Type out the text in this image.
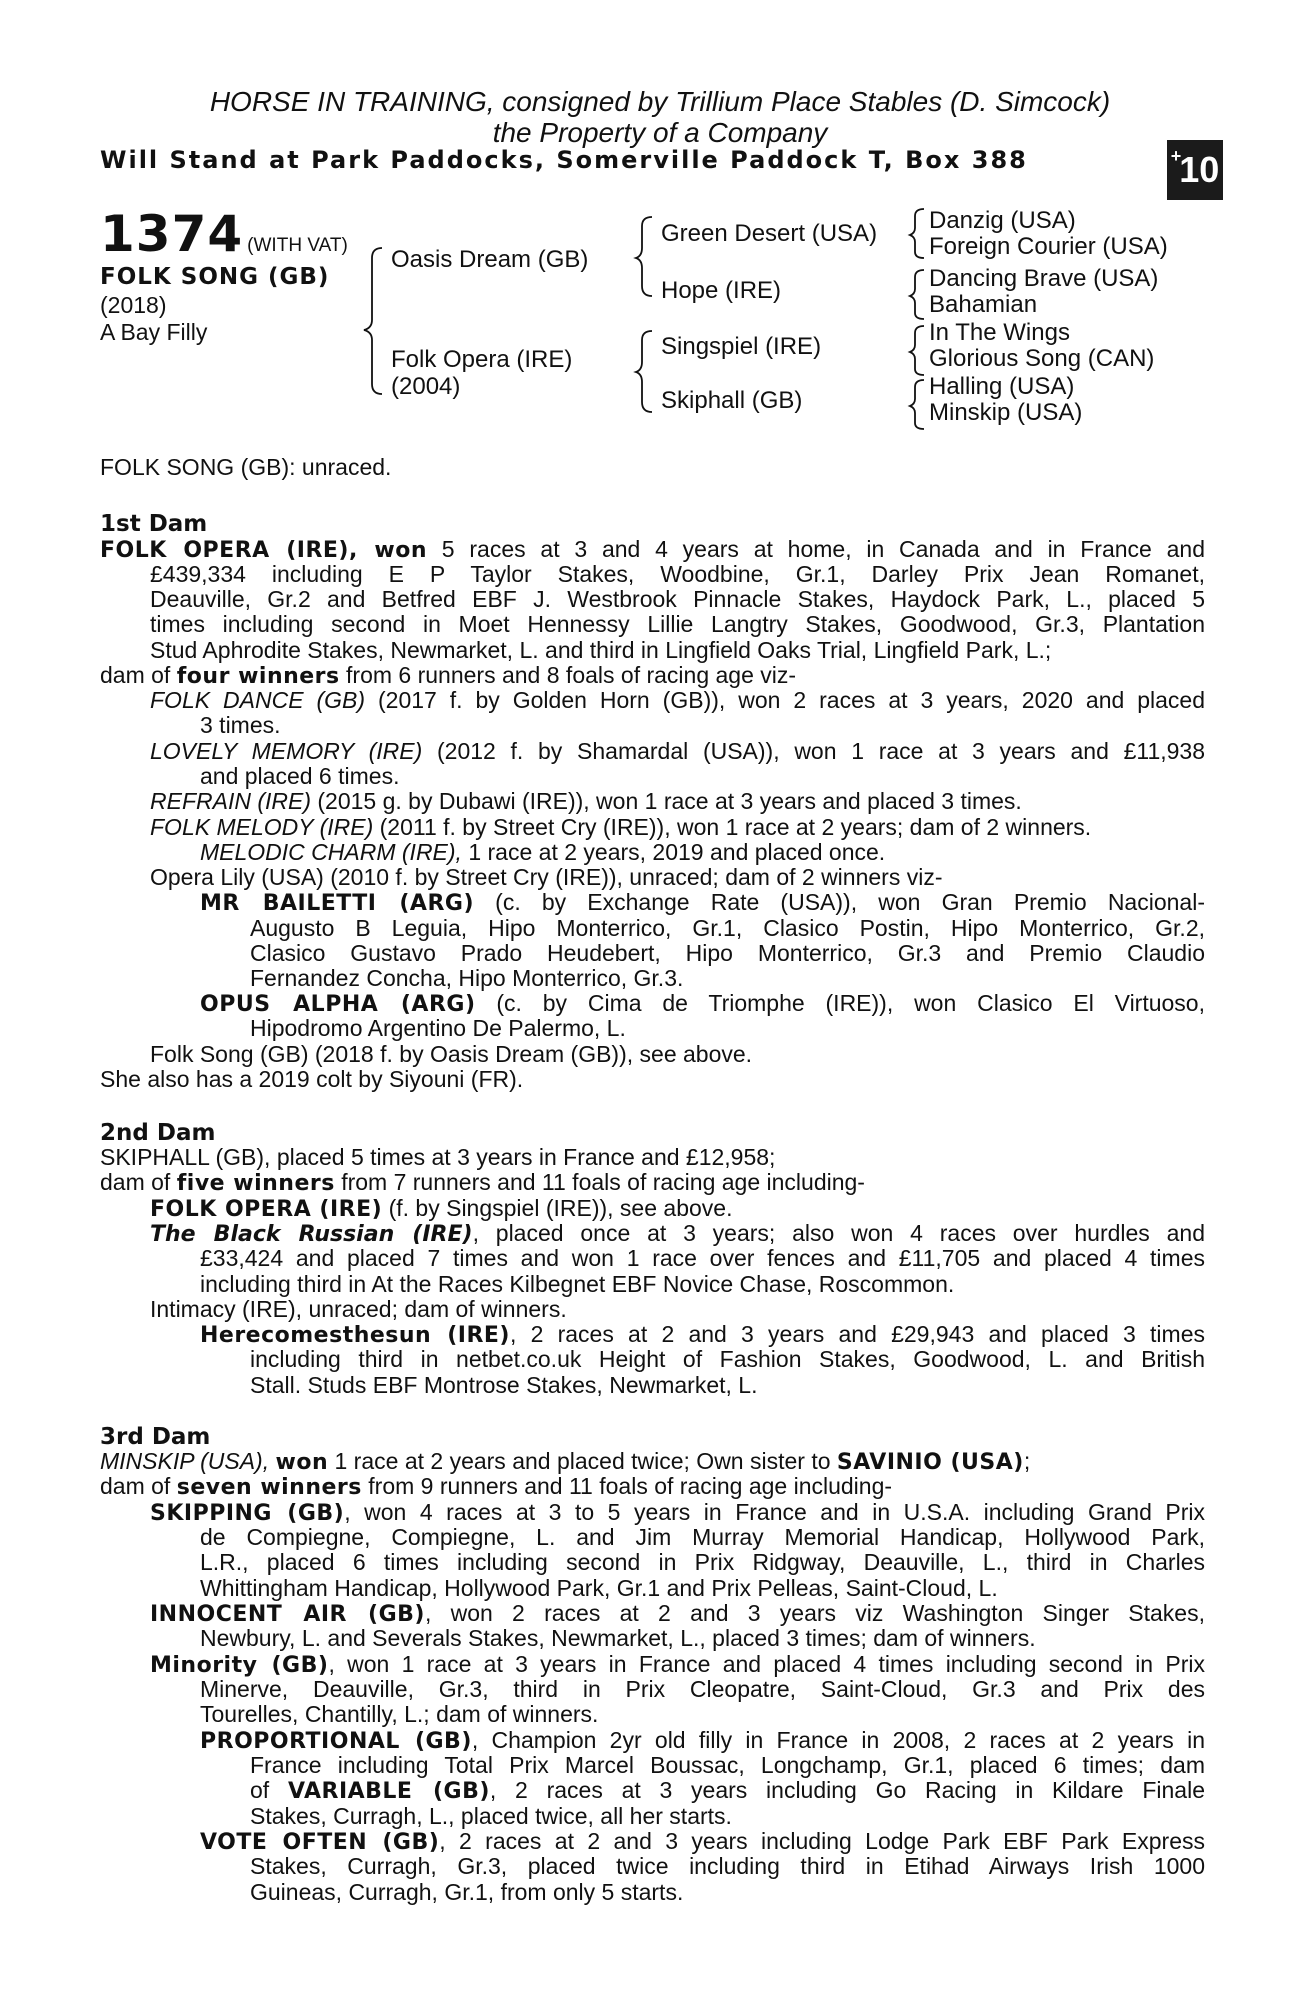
HORSE IN TRAINING, consigned by Trillium Place Stables (D. Simcock)
the Property of a Company
Will Stand at Park Paddocks, Somerville Paddock T, Box 388	+
10
1374 (WITH VAT)
FOLK SONG (GB)
(2018)
A Bay Filly
Oasis Dream (GB)
Folk Opera (IRE)
(2004)
Green Desert (USA)
Hope (IRE)
Singspiel (IRE)
Skiphall (GB)
Danzig (USA)
Foreign Courier (USA)
Dancing Brave (USA)
Bahamian
In The Wings
Glorious Song (CAN)
Halling (USA)
Minskip (USA)
FOLK SONG (GB): unraced.
1st Dam
FOLK OPERA (IRE), won 5 races at 3 and 4 years at home, in Canada and in France and
£439,334 including E P Taylor Stakes, Woodbine, Gr.1, Darley Prix Jean Romanet,
Deauville, Gr.2 and Betfred EBF J. Westbrook Pinnacle Stakes, Haydock Park, L., placed 5
times including second in Moet Hennessy Lillie Langtry Stakes, Goodwood, Gr.3, Plantation
Stud Aphrodite Stakes, Newmarket, L. and third in Lingfield Oaks Trial, Lingfield Park, L.;
dam of four winners from 6 runners and 8 foals of racing age viz-
FOLK DANCE (GB) (2017 f. by Golden Horn (GB)), won 2 races at 3 years, 2020 and placed
3 times.
LOVELY MEMORY (IRE) (2012 f. by Shamardal (USA)), won 1 race at 3 years and £11,938
and placed 6 times.
REFRAIN (IRE) (2015 g. by Dubawi (IRE)), won 1 race at 3 years and placed 3 times.
FOLK MELODY (IRE) (2011 f. by Street Cry (IRE)), won 1 race at 2 years; dam of 2 winners.
MELODIC CHARM (IRE), 1 race at 2 years, 2019 and placed once.
Opera Lily (USA) (2010 f. by Street Cry (IRE)), unraced; dam of 2 winners viz-
MR BAILETTI (ARG) (c. by Exchange Rate (USA)), won Gran Premio Nacional-
Augusto B Leguia, Hipo Monterrico, Gr.1, Clasico Postin, Hipo Monterrico, Gr.2,
Clasico Gustavo Prado Heudebert, Hipo Monterrico, Gr.3 and Premio Claudio
Fernandez Concha, Hipo Monterrico, Gr.3.
OPUS ALPHA (ARG) (c. by Cima de Triomphe (IRE)), won Clasico El Virtuoso,
Hipodromo Argentino De Palermo, L.
Folk Song (GB) (2018 f. by Oasis Dream (GB)), see above.
She also has a 2019 colt by Siyouni (FR).
2nd Dam
SKIPHALL (GB), placed 5 times at 3 years in France and £12,958;
dam of five winners from 7 runners and 11 foals of racing age including-
FOLK OPERA (IRE) (f. by Singspiel (IRE)), see above.
The Black Russian (IRE), placed once at 3 years; also won 4 races over hurdles and
£33,424 and placed 7 times and won 1 race over fences and £11,705 and placed 4 times
including third in At the Races Kilbegnet EBF Novice Chase, Roscommon.
Intimacy (IRE), unraced; dam of winners.
Herecomesthesun (IRE), 2 races at 2 and 3 years and £29,943 and placed 3 times
including third in netbet.co.uk Height of Fashion Stakes, Goodwood, L. and British
Stall. Studs EBF Montrose Stakes, Newmarket, L.
3rd Dam
MINSKIP (USA), won 1 race at 2 years and placed twice; Own sister to SAVINIO (USA);
dam of seven winners from 9 runners and 11 foals of racing age including-
SKIPPING (GB), won 4 races at 3 to 5 years in France and in U.S.A. including Grand Prix
de Compiegne, Compiegne, L. and Jim Murray Memorial Handicap, Hollywood Park,
L.R., placed 6 times including second in Prix Ridgway, Deauville, L., third in Charles
Whittingham Handicap, Hollywood Park, Gr.1 and Prix Pelleas, Saint-Cloud, L.
INNOCENT AIR (GB), won 2 races at 2 and 3 years viz Washington Singer Stakes,
Newbury, L. and Severals Stakes, Newmarket, L., placed 3 times; dam of winners.
Minority (GB), won 1 race at 3 years in France and placed 4 times including second in Prix
Minerve, Deauville, Gr.3, third in Prix Cleopatre, Saint-Cloud, Gr.3 and Prix des
Tourelles, Chantilly, L.; dam of winners.
PROPORTIONAL (GB), Champion 2yr old filly in France in 2008, 2 races at 2 years in
France including Total Prix Marcel Boussac, Longchamp, Gr.1, placed 6 times; dam
of VARIABLE (GB), 2 races at 3 years including Go Racing in Kildare Finale
Stakes, Curragh, L., placed twice, all her starts.
VOTE OFTEN (GB), 2 races at 2 and 3 years including Lodge Park EBF Park Express
Stakes, Curragh, Gr.3, placed twice including third in Etihad Airways Irish 1000
Guineas, Curragh, Gr.1, from only 5 starts.
